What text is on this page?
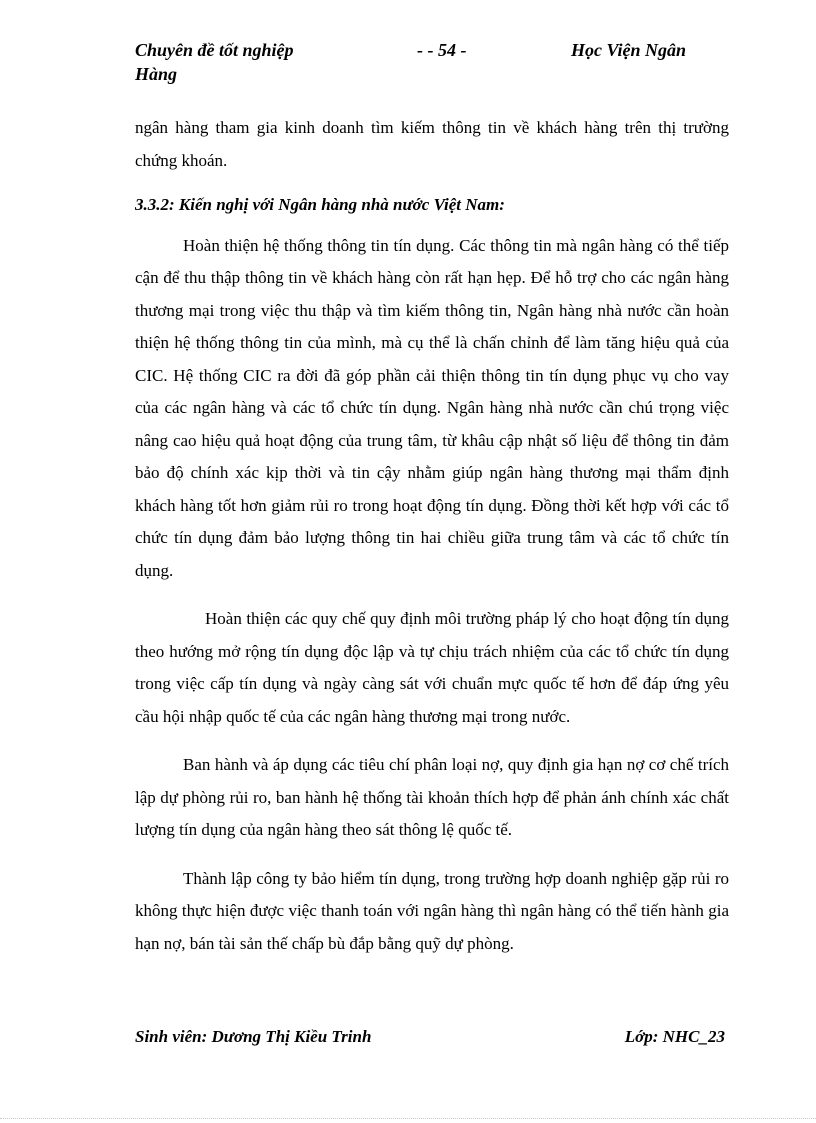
Chuyên đề tốt nghiệp Hàng
- - 54 -	Học Viện Ngân

ngân hàng tham gia kinh doanh tìm kiếm thông tin về khách hàng trên thị trường chứng khoán.

3.3.2: Kiến nghị với Ngân hàng nhà nước Việt Nam:

Hoàn thiện hệ thống thông tin tín dụng. Các thông tin mà ngân hàng có thể tiếp cận để thu thập thông tin về khách hàng còn rất hạn hẹp. Để hỗ trợ cho các ngân hàng thương mại trong việc thu thập và tìm kiếm thông tin, Ngân hàng nhà nước cần hoàn thiện hệ thống thông tin của mình, mà cụ thể là chấn chỉnh để làm tăng hiệu quả của CIC. Hệ thống CIC ra đời đã góp phần cải thiện thông tin tín dụng phục vụ cho vay của các ngân hàng và các tổ chức tín dụng. Ngân hàng nhà nước cần chú trọng việc nâng cao hiệu quả hoạt động của trung tâm, từ khâu cập nhật số liệu để thông tin đảm bảo độ chính xác kịp thời và tin cậy nhằm giúp ngân hàng thương mại thẩm định khách hàng tốt hơn giảm rủi ro trong hoạt động tín dụng. Đồng thời kết hợp với các tổ chức tín dụng đảm bảo lượng thông tin hai chiều giữa trung tâm và các tổ chức tín dụng.

Hoàn thiện các quy chế quy định môi trường pháp lý cho hoạt động tín dụng theo hướng mở rộng tín dụng độc lập và tự chịu trách nhiệm của các tổ chức tín dụng trong việc cấp tín dụng và ngày càng sát với chuẩn mực quốc tế hơn để đáp ứng yêu cầu hội nhập quốc tế của các ngân hàng thương mại trong nước.

Ban hành và áp dụng các tiêu chí phân loại nợ, quy định gia hạn nợ cơ chế trích lập dự phòng rủi ro, ban hành hệ thống tài khoản thích hợp để phản ánh chính xác chất lượng tín dụng của ngân hàng theo sát thông lệ quốc tế.

Thành lập công ty bảo hiểm tín dụng, trong trường hợp doanh nghiệp gặp rủi ro không thực hiện được việc thanh toán với ngân hàng thì ngân hàng có thể tiến hành gia hạn nợ, bán tài sản thế chấp bù đắp bằng quỹ dự phòng.

Sinh viên: Dương Thị Kiều Trinh	Lớp: NHC_23
